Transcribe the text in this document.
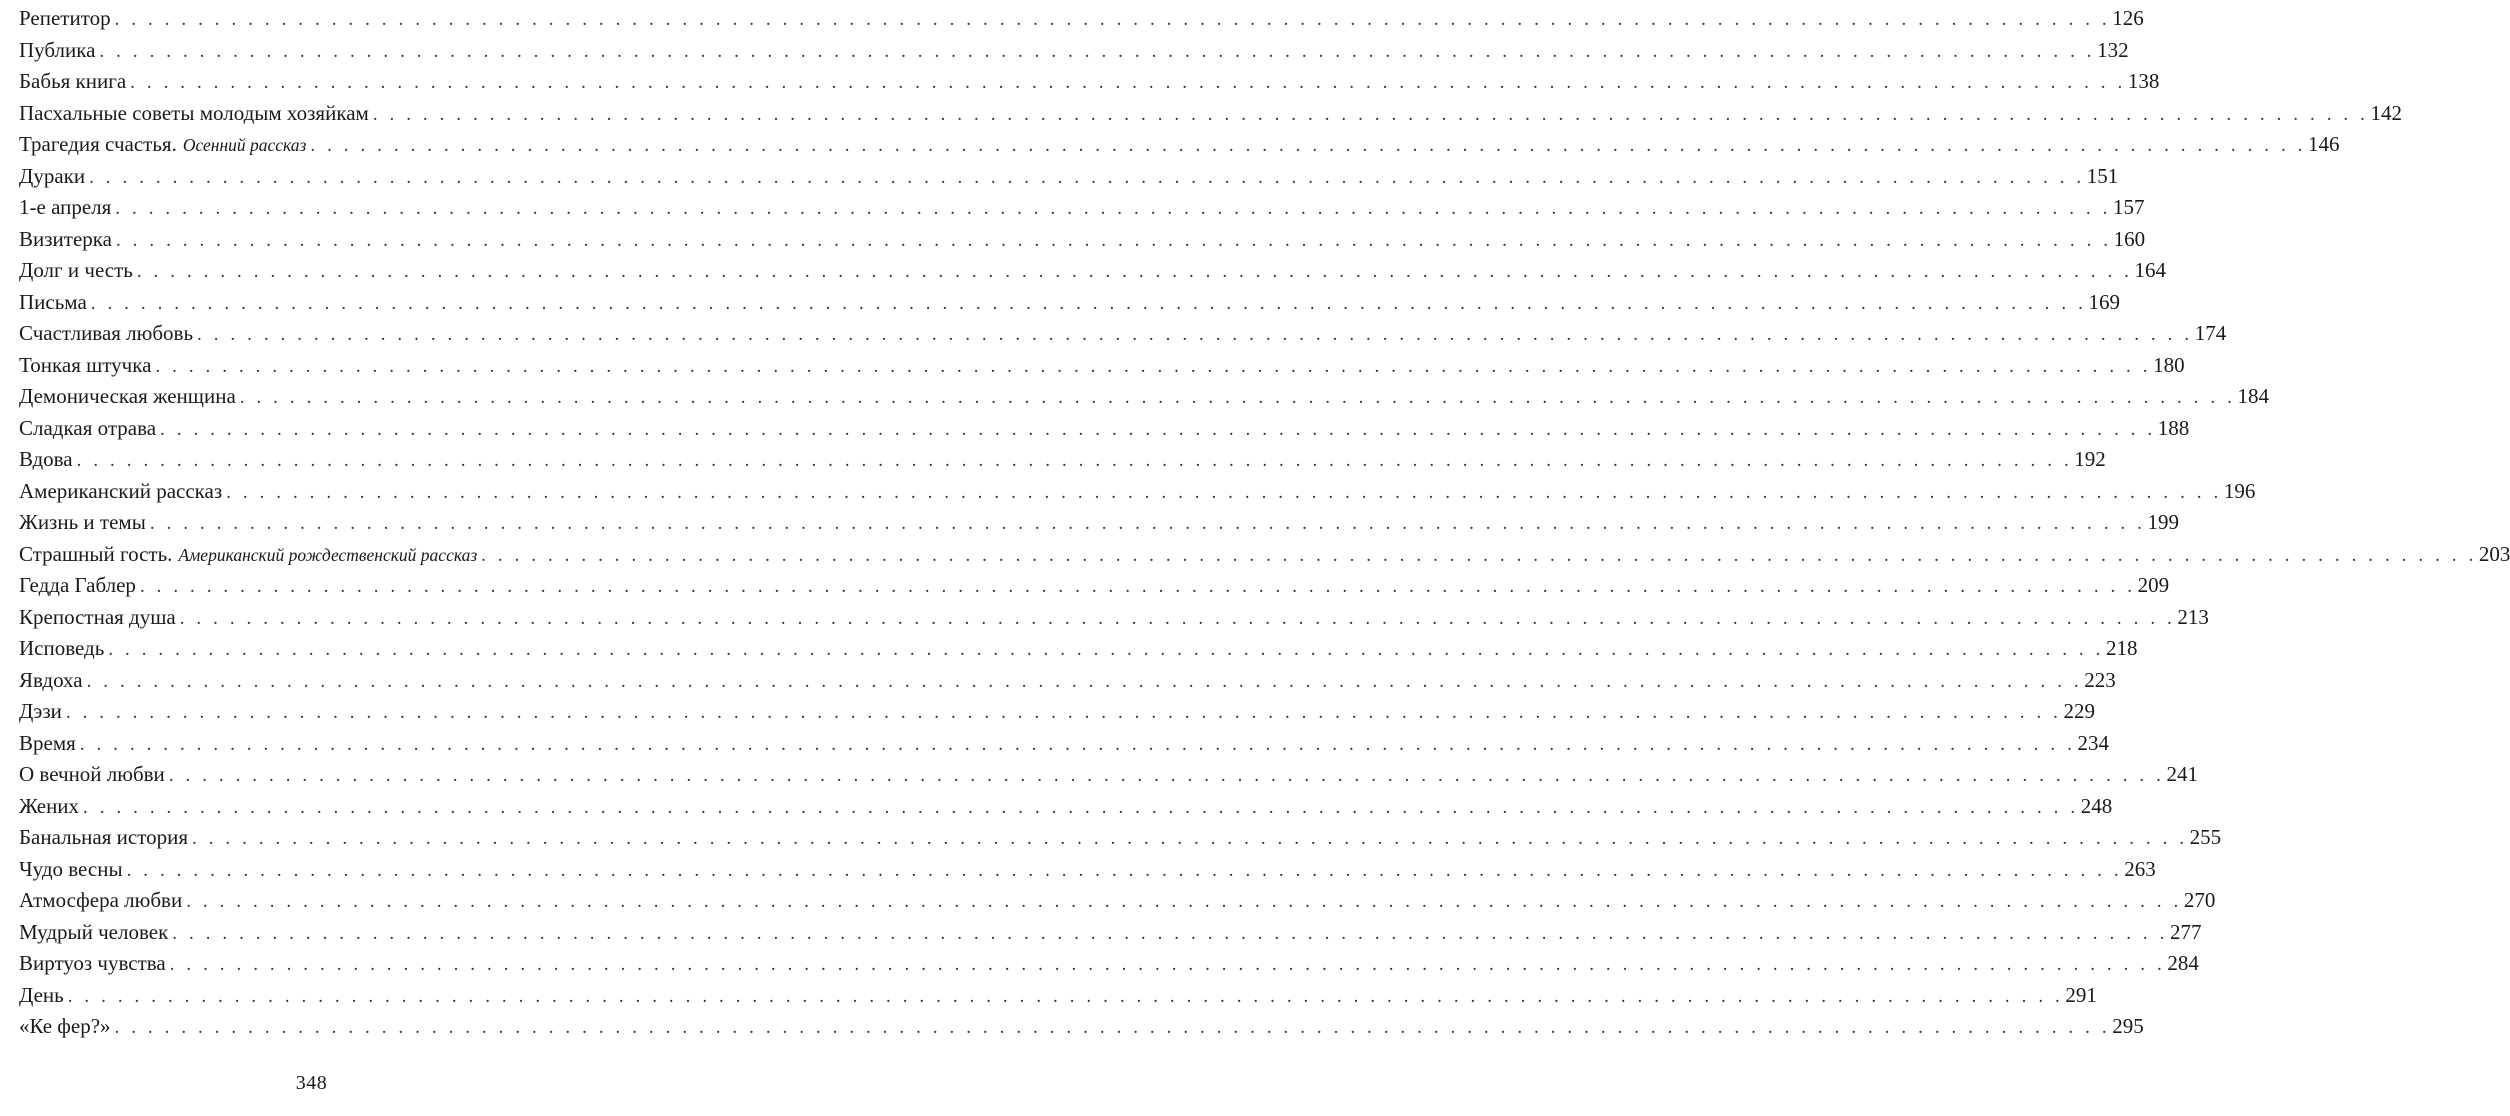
Репетитор . . . . . . . . . . . . . . . . . . . . . . . . . . . . . . . . . . . . . . . . . . . . . . . . . . . . . . . . . . . . . . . . . . . . . . . . . . . . . . . . . . . . . . . . . . . . . . . . . . . . . . . . . . . . . . . . . . . . . . . . 126
Публика . . . . . . . . . . . . . . . . . . . . . . . . . . . . . . . . . . . . . . . . . . . . . . . . . . . . . . . . . . . . . . . . . . . . . . . . . . . . . . . . . . . . . . . . . . . . . . . . . . . . . . . . . . . . . . . . . . . . . . . . 132
Бабья книга . . . . . . . . . . . . . . . . . . . . . . . . . . . . . . . . . . . . . . . . . . . . . . . . . . . . . . . . . . . . . . . . . . . . . . . . . . . . . . . . . . . . . . . . . . . . . . . . . . . . . . . . . . . . . . . . . . . . . . . . 138
Пасхальные советы молодым хозяйкам . . . . . . . . . . . . . . . . . . . . . . . . . . . . . . . . . . . . . . . . . . . . . . . . . . . . . . . . . . . . . . . . . . . . . . . . . . . . . . . . . . . . . . . . . . . . . . . . . . . . . . . . . . . . . . . . . . . . . . . . 142
Трагедия счастья. Осенний рассказ . . . . . . . . . . . . . . . . . . . . . . . . . . . . . . . . . . . . . . . . . . . . . . . . . . . . . . . . . . . . . . . . . . . . . . . . . . . . . . . . . . . . . . . . . . . . . . . . . . . . . . . . . . . . . . . . . . . . . . . . 146
Дураки . . . . . . . . . . . . . . . . . . . . . . . . . . . . . . . . . . . . . . . . . . . . . . . . . . . . . . . . . . . . . . . . . . . . . . . . . . . . . . . . . . . . . . . . . . . . . . . . . . . . . . . . . . . . . . . . . . . . . . . . 151
1-е апреля . . . . . . . . . . . . . . . . . . . . . . . . . . . . . . . . . . . . . . . . . . . . . . . . . . . . . . . . . . . . . . . . . . . . . . . . . . . . . . . . . . . . . . . . . . . . . . . . . . . . . . . . . . . . . . . . . . . . . . . . 157
Визитерка . . . . . . . . . . . . . . . . . . . . . . . . . . . . . . . . . . . . . . . . . . . . . . . . . . . . . . . . . . . . . . . . . . . . . . . . . . . . . . . . . . . . . . . . . . . . . . . . . . . . . . . . . . . . . . . . . . . . . . . . 160
Долг и честь . . . . . . . . . . . . . . . . . . . . . . . . . . . . . . . . . . . . . . . . . . . . . . . . . . . . . . . . . . . . . . . . . . . . . . . . . . . . . . . . . . . . . . . . . . . . . . . . . . . . . . . . . . . . . . . . . . . . . . . . 164
Письма . . . . . . . . . . . . . . . . . . . . . . . . . . . . . . . . . . . . . . . . . . . . . . . . . . . . . . . . . . . . . . . . . . . . . . . . . . . . . . . . . . . . . . . . . . . . . . . . . . . . . . . . . . . . . . . . . . . . . . . . 169
Счастливая любовь . . . . . . . . . . . . . . . . . . . . . . . . . . . . . . . . . . . . . . . . . . . . . . . . . . . . . . . . . . . . . . . . . . . . . . . . . . . . . . . . . . . . . . . . . . . . . . . . . . . . . . . . . . . . . . . . . . . . . . . . 174
Тонкая штучка . . . . . . . . . . . . . . . . . . . . . . . . . . . . . . . . . . . . . . . . . . . . . . . . . . . . . . . . . . . . . . . . . . . . . . . . . . . . . . . . . . . . . . . . . . . . . . . . . . . . . . . . . . . . . . . . . . . . . . . . 180
Демоническая женщина . . . . . . . . . . . . . . . . . . . . . . . . . . . . . . . . . . . . . . . . . . . . . . . . . . . . . . . . . . . . . . . . . . . . . . . . . . . . . . . . . . . . . . . . . . . . . . . . . . . . . . . . . . . . . . . . . . . . . . . . 184
Сладкая отрава . . . . . . . . . . . . . . . . . . . . . . . . . . . . . . . . . . . . . . . . . . . . . . . . . . . . . . . . . . . . . . . . . . . . . . . . . . . . . . . . . . . . . . . . . . . . . . . . . . . . . . . . . . . . . . . . . . . . . . . . 188
Вдова . . . . . . . . . . . . . . . . . . . . . . . . . . . . . . . . . . . . . . . . . . . . . . . . . . . . . . . . . . . . . . . . . . . . . . . . . . . . . . . . . . . . . . . . . . . . . . . . . . . . . . . . . . . . . . . . . . . . . . . . 192
Американский рассказ . . . . . . . . . . . . . . . . . . . . . . . . . . . . . . . . . . . . . . . . . . . . . . . . . . . . . . . . . . . . . . . . . . . . . . . . . . . . . . . . . . . . . . . . . . . . . . . . . . . . . . . . . . . . . . . . . . . . . . . . 196
Жизнь и темы . . . . . . . . . . . . . . . . . . . . . . . . . . . . . . . . . . . . . . . . . . . . . . . . . . . . . . . . . . . . . . . . . . . . . . . . . . . . . . . . . . . . . . . . . . . . . . . . . . . . . . . . . . . . . . . . . . . . . . . . 199
Страшный гость. Американский рождественский рассказ . . . . . . . . . . . . . . . . . . . . . . . . . . . . . . . . . . . . . . . . . . . . . . . . . . . . . . . . . . . . . . . . . . . . . . . . . . . . . . . . . . . . . . . . . . . . . . . . . . . . . . . . . . . . . . . . . . . . . . . . 203
Гедда Габлер . . . . . . . . . . . . . . . . . . . . . . . . . . . . . . . . . . . . . . . . . . . . . . . . . . . . . . . . . . . . . . . . . . . . . . . . . . . . . . . . . . . . . . . . . . . . . . . . . . . . . . . . . . . . . . . . . . . . . . . . 209
Крепостная душа . . . . . . . . . . . . . . . . . . . . . . . . . . . . . . . . . . . . . . . . . . . . . . . . . . . . . . . . . . . . . . . . . . . . . . . . . . . . . . . . . . . . . . . . . . . . . . . . . . . . . . . . . . . . . . . . . . . . . . . . 213
Исповедь . . . . . . . . . . . . . . . . . . . . . . . . . . . . . . . . . . . . . . . . . . . . . . . . . . . . . . . . . . . . . . . . . . . . . . . . . . . . . . . . . . . . . . . . . . . . . . . . . . . . . . . . . . . . . . . . . . . . . . . . 218
Явдоха . . . . . . . . . . . . . . . . . . . . . . . . . . . . . . . . . . . . . . . . . . . . . . . . . . . . . . . . . . . . . . . . . . . . . . . . . . . . . . . . . . . . . . . . . . . . . . . . . . . . . . . . . . . . . . . . . . . . . . . . 223
Дэзи . . . . . . . . . . . . . . . . . . . . . . . . . . . . . . . . . . . . . . . . . . . . . . . . . . . . . . . . . . . . . . . . . . . . . . . . . . . . . . . . . . . . . . . . . . . . . . . . . . . . . . . . . . . . . . . . . . . . . . . . 229
Время . . . . . . . . . . . . . . . . . . . . . . . . . . . . . . . . . . . . . . . . . . . . . . . . . . . . . . . . . . . . . . . . . . . . . . . . . . . . . . . . . . . . . . . . . . . . . . . . . . . . . . . . . . . . . . . . . . . . . . . . 234
О вечной любви . . . . . . . . . . . . . . . . . . . . . . . . . . . . . . . . . . . . . . . . . . . . . . . . . . . . . . . . . . . . . . . . . . . . . . . . . . . . . . . . . . . . . . . . . . . . . . . . . . . . . . . . . . . . . . . . . . . . . . . . 241
Жених . . . . . . . . . . . . . . . . . . . . . . . . . . . . . . . . . . . . . . . . . . . . . . . . . . . . . . . . . . . . . . . . . . . . . . . . . . . . . . . . . . . . . . . . . . . . . . . . . . . . . . . . . . . . . . . . . . . . . . . . 248
Банальная история . . . . . . . . . . . . . . . . . . . . . . . . . . . . . . . . . . . . . . . . . . . . . . . . . . . . . . . . . . . . . . . . . . . . . . . . . . . . . . . . . . . . . . . . . . . . . . . . . . . . . . . . . . . . . . . . . . . . . . . . 255
Чудо весны . . . . . . . . . . . . . . . . . . . . . . . . . . . . . . . . . . . . . . . . . . . . . . . . . . . . . . . . . . . . . . . . . . . . . . . . . . . . . . . . . . . . . . . . . . . . . . . . . . . . . . . . . . . . . . . . . . . . . . . . 263
Атмосфера любви . . . . . . . . . . . . . . . . . . . . . . . . . . . . . . . . . . . . . . . . . . . . . . . . . . . . . . . . . . . . . . . . . . . . . . . . . . . . . . . . . . . . . . . . . . . . . . . . . . . . . . . . . . . . . . . . . . . . . . . . 270
Мудрый человек . . . . . . . . . . . . . . . . . . . . . . . . . . . . . . . . . . . . . . . . . . . . . . . . . . . . . . . . . . . . . . . . . . . . . . . . . . . . . . . . . . . . . . . . . . . . . . . . . . . . . . . . . . . . . . . . . . . . . . . . 277
Виртуоз чувства . . . . . . . . . . . . . . . . . . . . . . . . . . . . . . . . . . . . . . . . . . . . . . . . . . . . . . . . . . . . . . . . . . . . . . . . . . . . . . . . . . . . . . . . . . . . . . . . . . . . . . . . . . . . . . . . . . . . . . . . 284
День . . . . . . . . . . . . . . . . . . . . . . . . . . . . . . . . . . . . . . . . . . . . . . . . . . . . . . . . . . . . . . . . . . . . . . . . . . . . . . . . . . . . . . . . . . . . . . . . . . . . . . . . . . . . . . . . . . . . . . . . 291
«Ке фер?» . . . . . . . . . . . . . . . . . . . . . . . . . . . . . . . . . . . . . . . . . . . . . . . . . . . . . . . . . . . . . . . . . . . . . . . . . . . . . . . . . . . . . . . . . . . . . . . . . . . . . . . . . . . . . . . . . . . . . . . . 295
348
